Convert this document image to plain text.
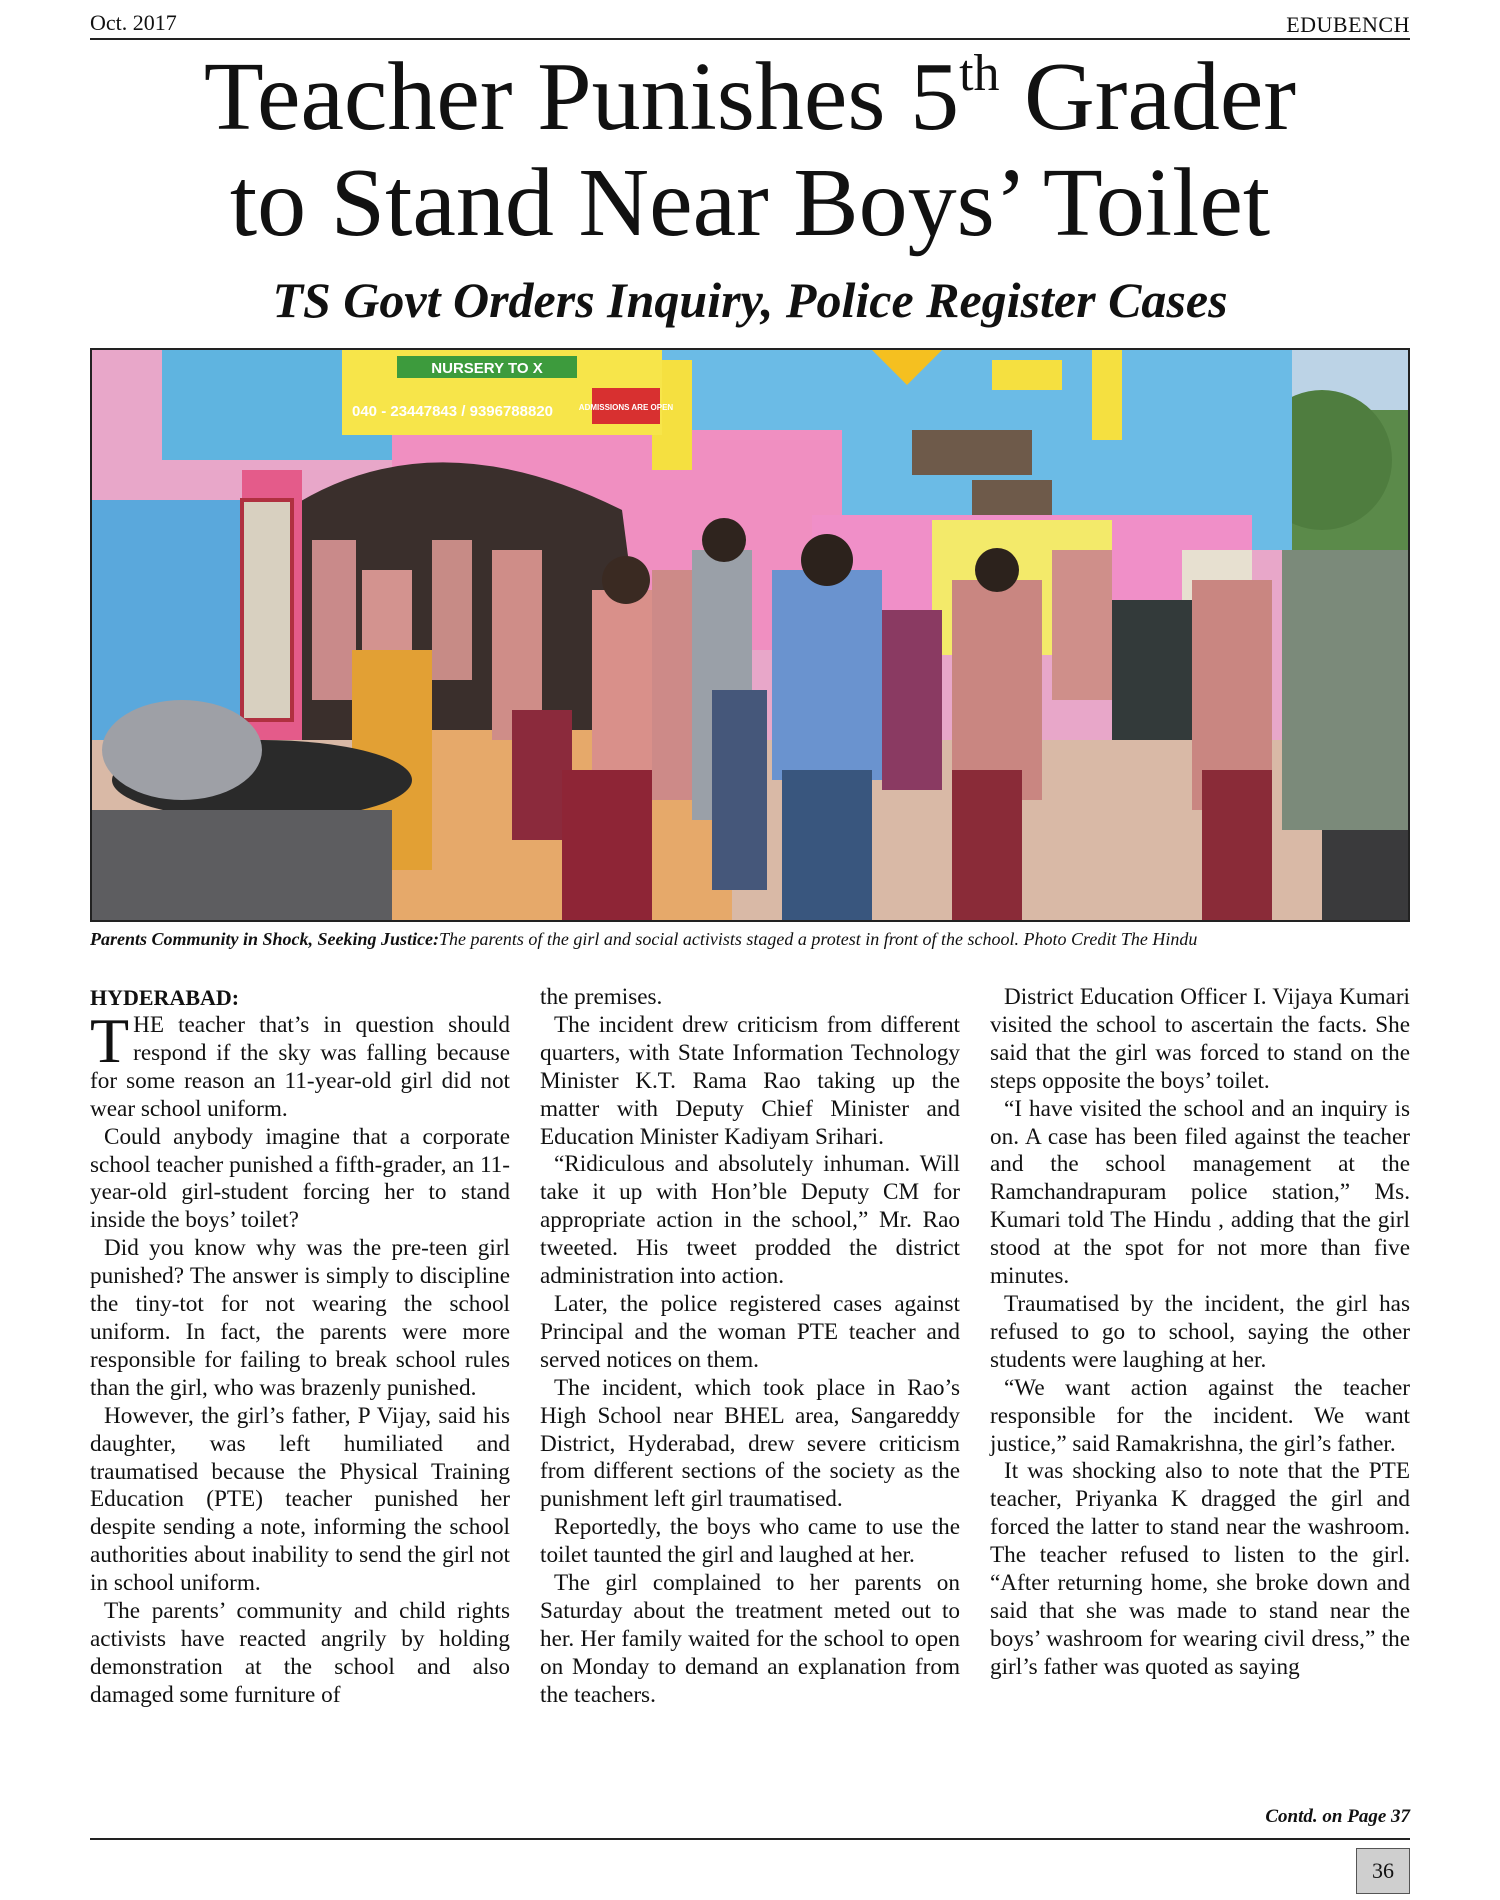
Oct. 2017	EDUBENCH
Teacher Punishes 5th Grader
to Stand Near Boys’ Toilet
TS Govt Orders Inquiry, Police Register Cases
NURSERY TO X
040 - 23447843 / 9396788820	ADMISSIONS ARE OPEN
Parents Community in Shock, Seeking Justice:The parents of the girl and social activists staged a protest in front of the school. Photo Credit The Hindu
HYDERABAD:

THE teacher that’s in question should respond if the sky was falling because for some reason an 11-year-old girl did not wear school uniform.

Could anybody imagine that a corporate school teacher punished a fifth-grader, an 11-year-old girl-student forcing her to stand inside the boys’ toilet?

Did you know why was the pre-teen girl punished? The answer is simply to discipline the tiny-tot for not wearing the school uniform. In fact, the parents were more responsible for failing to break school rules than the girl, who was brazenly punished.

However, the girl’s father, P Vijay, said his daughter, was left humiliated and traumatised because the Physical Training Education (PTE) teacher punished her despite sending a note, informing the school authorities about inability to send the girl not in school uniform.

The parents’ community and child rights activists have reacted angrily by holding demonstration at the school and also damaged some furniture of

the premises.

The incident drew criticism from different quarters, with State Information Technology Minister K.T. Rama Rao taking up the matter with Deputy Chief Minister and Education Minister Kadiyam Srihari.

“Ridiculous and absolutely inhuman. Will take it up with Hon’ble Deputy CM for appropriate action in the school,” Mr. Rao tweeted. His tweet prodded the district administration into action.

Later, the police registered cases against Principal and the woman PTE teacher and served notices on them.

The incident, which took place in Rao’s High School near BHEL area, Sangareddy District, Hyderabad, drew severe criticism from different sections of the society as the punishment left girl traumatised.

Reportedly, the boys who came to use the toilet taunted the girl and laughed at her.

The girl complained to her parents on Saturday about the treatment meted out to her. Her family waited for the school to open on Monday to demand an explanation from the teachers.

District Education Officer I. Vijaya Kumari visited the school to ascertain the facts. She said that the girl was forced to stand on the steps opposite the boys’ toilet.

“I have visited the school and an inquiry is on. A case has been filed against the teacher and the school management at the Ramchandrapuram police station,” Ms. Kumari told The Hindu , adding that the girl stood at the spot for not more than five minutes.

Traumatised by the incident, the girl has refused to go to school, saying the other students were laughing at her.

“We want action against the teacher responsible for the incident. We want justice,” said Ramakrishna, the girl’s father.

It was shocking also to note that the PTE teacher, Priyanka K dragged the girl and forced the latter to stand near the washroom. The teacher refused to listen to the girl. “After returning home, she broke down and said that she was made to stand near the boys’ washroom for wearing civil dress,” the girl’s father was quoted as saying

Contd. on Page 37
36
